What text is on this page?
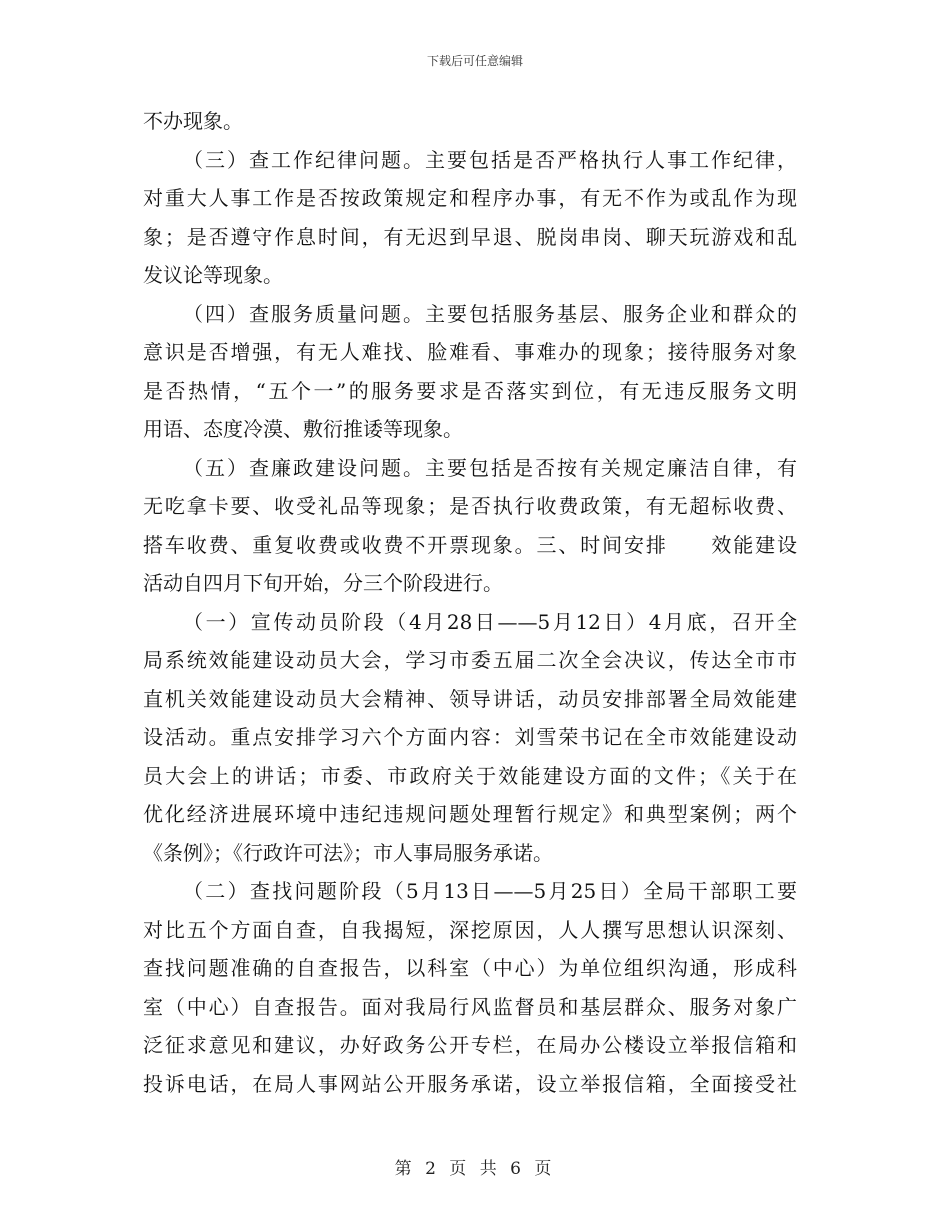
下载后可任意编辑
不办现象。
（三）查工作纪律问题。主要包括是否严格执行人事工作纪律，
对重大人事工作是否按政策规定和程序办事，有无不作为或乱作为现
象；是否遵守作息时间，有无迟到早退、脱岗串岗、聊天玩游戏和乱
发议论等现象。
（四）查服务质量问题。主要包括服务基层、服务企业和群众的
意识是否增强，有无人难找、脸难看、事难办的现象；接待服务对象
是否热情，“五个一”的服务要求是否落实到位，有无违反服务文明
用语、态度冷漠、敷衍推诿等现象。
（五）查廉政建设问题。主要包括是否按有关规定廉洁自律，有
无吃拿卡要、收受礼品等现象；是否执行收费政策，有无超标收费、
搭车收费、重复收费或收费不开票现象。三、时间安排　　效能建设
活动自四月下旬开始，分三个阶段进行。
（一）宣传动员阶段（4月28日——5月12日）4月底，召开全
局系统效能建设动员大会，学习市委五届二次全会决议，传达全市市
直机关效能建设动员大会精神、领导讲话，动员安排部署全局效能建
设活动。重点安排学习六个方面内容：刘雪荣书记在全市效能建设动
员大会上的讲话；市委、市政府关于效能建设方面的文件；《关于在
优化经济进展环境中违纪违规问题处理暂行规定》和典型案例；两个
《条例》；《行政许可法》；市人事局服务承诺。
（二）查找问题阶段（5月13日——5月25日）全局干部职工要
对比五个方面自查，自我揭短，深挖原因，人人撰写思想认识深刻、
查找问题准确的自查报告，以科室（中心）为单位组织沟通，形成科
室（中心）自查报告。面对我局行风监督员和基层群众、服务对象广
泛征求意见和建议，办好政务公开专栏，在局办公楼设立举报信箱和
投诉电话，在局人事网站公开服务承诺，设立举报信箱，全面接受社
第 2 页 共 6 页
